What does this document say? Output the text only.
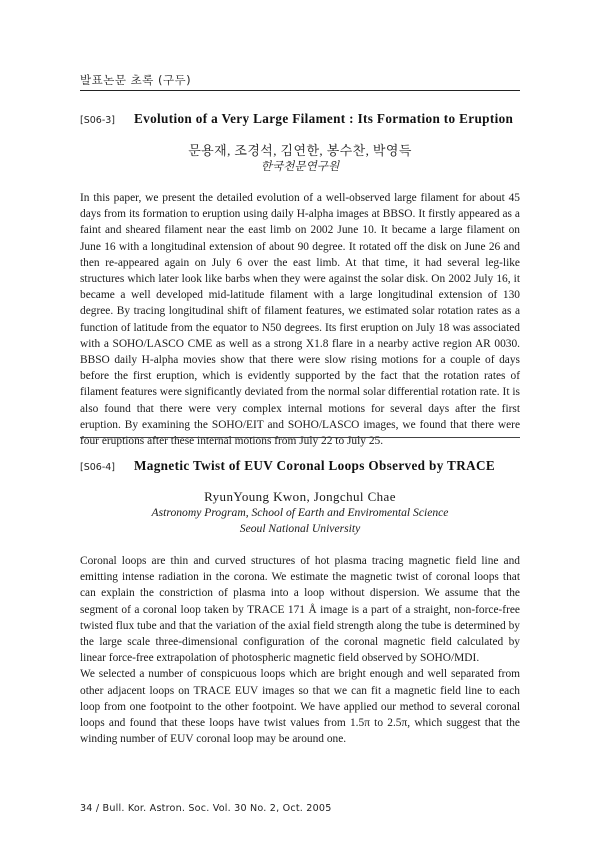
발표논문 초록 (구두)
[S06-3]	Evolution of a Very Large Filament : Its Formation to Eruption
문용재, 조경석, 김연한, 봉수찬, 박영득
한국천문연구원

In this paper, we present the detailed evolution of a well-observed large filament for about 45 days from its formation to eruption using daily H-alpha images at BBSO. It firstly appeared as a faint and sheared filament near the east limb on 2002 June 10. It became a large filament on June 16 with a longitudinal extension of about 90 degree. It rotated off the disk on June 26 and then re-appeared again on July 6 over the east limb. At that time, it had several leg-like structures which later look like barbs when they were against the solar disk. On 2002 July 16, it became a well developed mid-latitude filament with a large longitudinal extension of 130 degree. By tracing longitudinal shift of filament features, we estimated solar rotation rates as a function of latitude from the equator to N50 degrees. Its first eruption on July 18 was associated with a SOHO/LASCO CME as well as a strong X1.8 flare in a nearby active region AR 0030. BBSO daily H-alpha movies show that there were slow rising motions for a couple of days before the first eruption, which is evidently supported by the fact that the rotation rates of filament features were significantly deviated from the normal solar differential rotation rate. It is also found that there were very complex internal motions for several days after the first eruption. By examining the SOHO/EIT and SOHO/LASCO images, we found that there were four eruptions after these internal motions from July 22 to July 25.

[S06-4]	Magnetic Twist of EUV Coronal Loops Observed by TRACE
RyunYoung Kwon, Jongchul Chae
Astronomy Program, School of Earth and Enviromental Science
Seoul National University

Coronal loops are thin and curved structures of hot plasma tracing magnetic field line and emitting intense radiation in the corona. We estimate the magnetic twist of coronal loops that can explain the constriction of plasma into a loop without dispersion. We assume that the segment of a coronal loop taken by TRACE 171 Å image is a part of a straight, non-force-free twisted flux tube and that the variation of the axial field strength along the tube is determined by the large scale three-dimensional configuration of the coronal magnetic field calculated by linear force-free extrapolation of photospheric magnetic field observed by SOHO/MDI.

We selected a number of conspicuous loops which are bright enough and well separated from other adjacent loops on TRACE EUV images so that we can fit a magnetic field line to each loop from one footpoint to the other footpoint. We have applied our method to several coronal loops and found that these loops have twist values from 1.5π to 2.5π, which suggest that the winding number of EUV coronal loop may be around one.

34 / Bull. Kor. Astron. Soc. Vol. 30 No. 2, Oct. 2005
